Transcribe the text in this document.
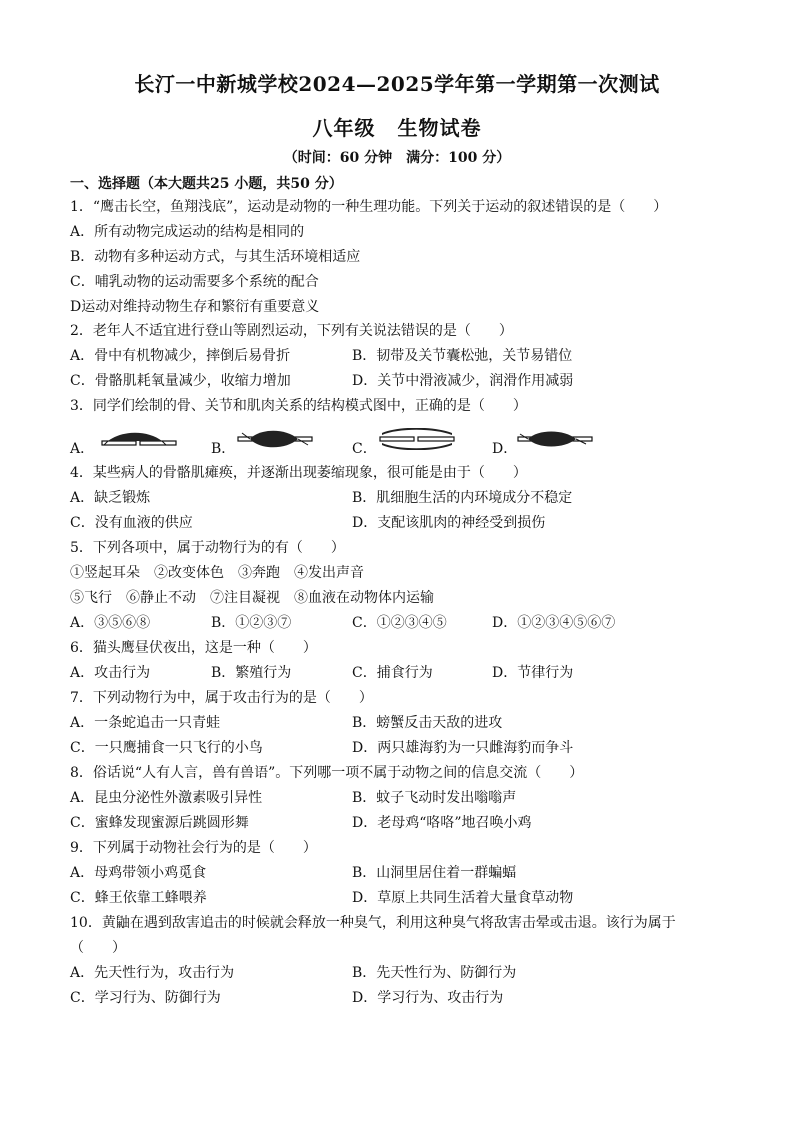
长汀一中新城学校2024—2025学年第一学期第一次测试
八年级 生物试卷
（时间：60 分钟 满分：100 分）
一、选择题（本大题共25 小题，共50 分）
1．“鹰击长空，鱼翔浅底”，运动是动物的一种生理功能。下列关于运动的叙述错误的是（　　）
A．所有动物完成运动的结构是相同的
B．动物有多种运动方式，与其生活环境相适应
C．哺乳动物的运动需要多个系统的配合
D运动对维持动物生存和繁衍有重要意义
2．老年人不适宜进行登山等剧烈运动，下列有关说法错误的是（　　）
A．骨中有机物减少，摔倒后易骨折	B．韧带及关节囊松弛，关节易错位
C．骨骼肌耗氧量减少，收缩力增加	D．关节中滑液减少，润滑作用减弱
3．同学们绘制的骨、关节和肌肉关系的结构模式图中，正确的是（　　）
A．	B．	C．	D．
4．某些病人的骨骼肌瘫痪，并逐渐出现萎缩现象，很可能是由于（　　）
A．缺乏锻炼	B．肌细胞生活的内环境成分不稳定
C．没有血液的供应	D．支配该肌肉的神经受到损伤
5．下列各项中，属于动物行为的有（　　）
①竖起耳朵　②改变体色　③奔跑　④发出声音
⑤飞行　⑥静止不动　⑦注目凝视　⑧血液在动物体内运输
A．③⑤⑥⑧	B．①②③⑦	C．①②③④⑤	D．①②③④⑤⑥⑦
6．猫头鹰昼伏夜出，这是一种（　　）
A．攻击行为	B．繁殖行为	C．捕食行为	D．节律行为
7．下列动物行为中，属于攻击行为的是（　　）
A．一条蛇追击一只青蛙	B．螃蟹反击天敌的进攻
C．一只鹰捕食一只飞行的小鸟	D．两只雄海豹为一只雌海豹而争斗
8．俗话说“人有人言，兽有兽语”。下列哪一项不属于动物之间的信息交流（　　）
A．昆虫分泌性外激素吸引异性	B．蚊子飞动时发出嗡嗡声
C．蜜蜂发现蜜源后跳圆形舞	D．老母鸡“咯咯”地召唤小鸡
9．下列属于动物社会行为的是（　　）
A．母鸡带领小鸡觅食	B．山洞里居住着一群蝙蝠
C．蜂王依靠工蜂喂养	D．草原上共同生活着大量食草动物
10．黄鼬在遇到敌害追击的时候就会释放一种臭气，利用这种臭气将敌害击晕或击退。该行为属于
（　　）
A．先天性行为，攻击行为	B．先天性行为、防御行为
C．学习行为、防御行为	D．学习行为、攻击行为
